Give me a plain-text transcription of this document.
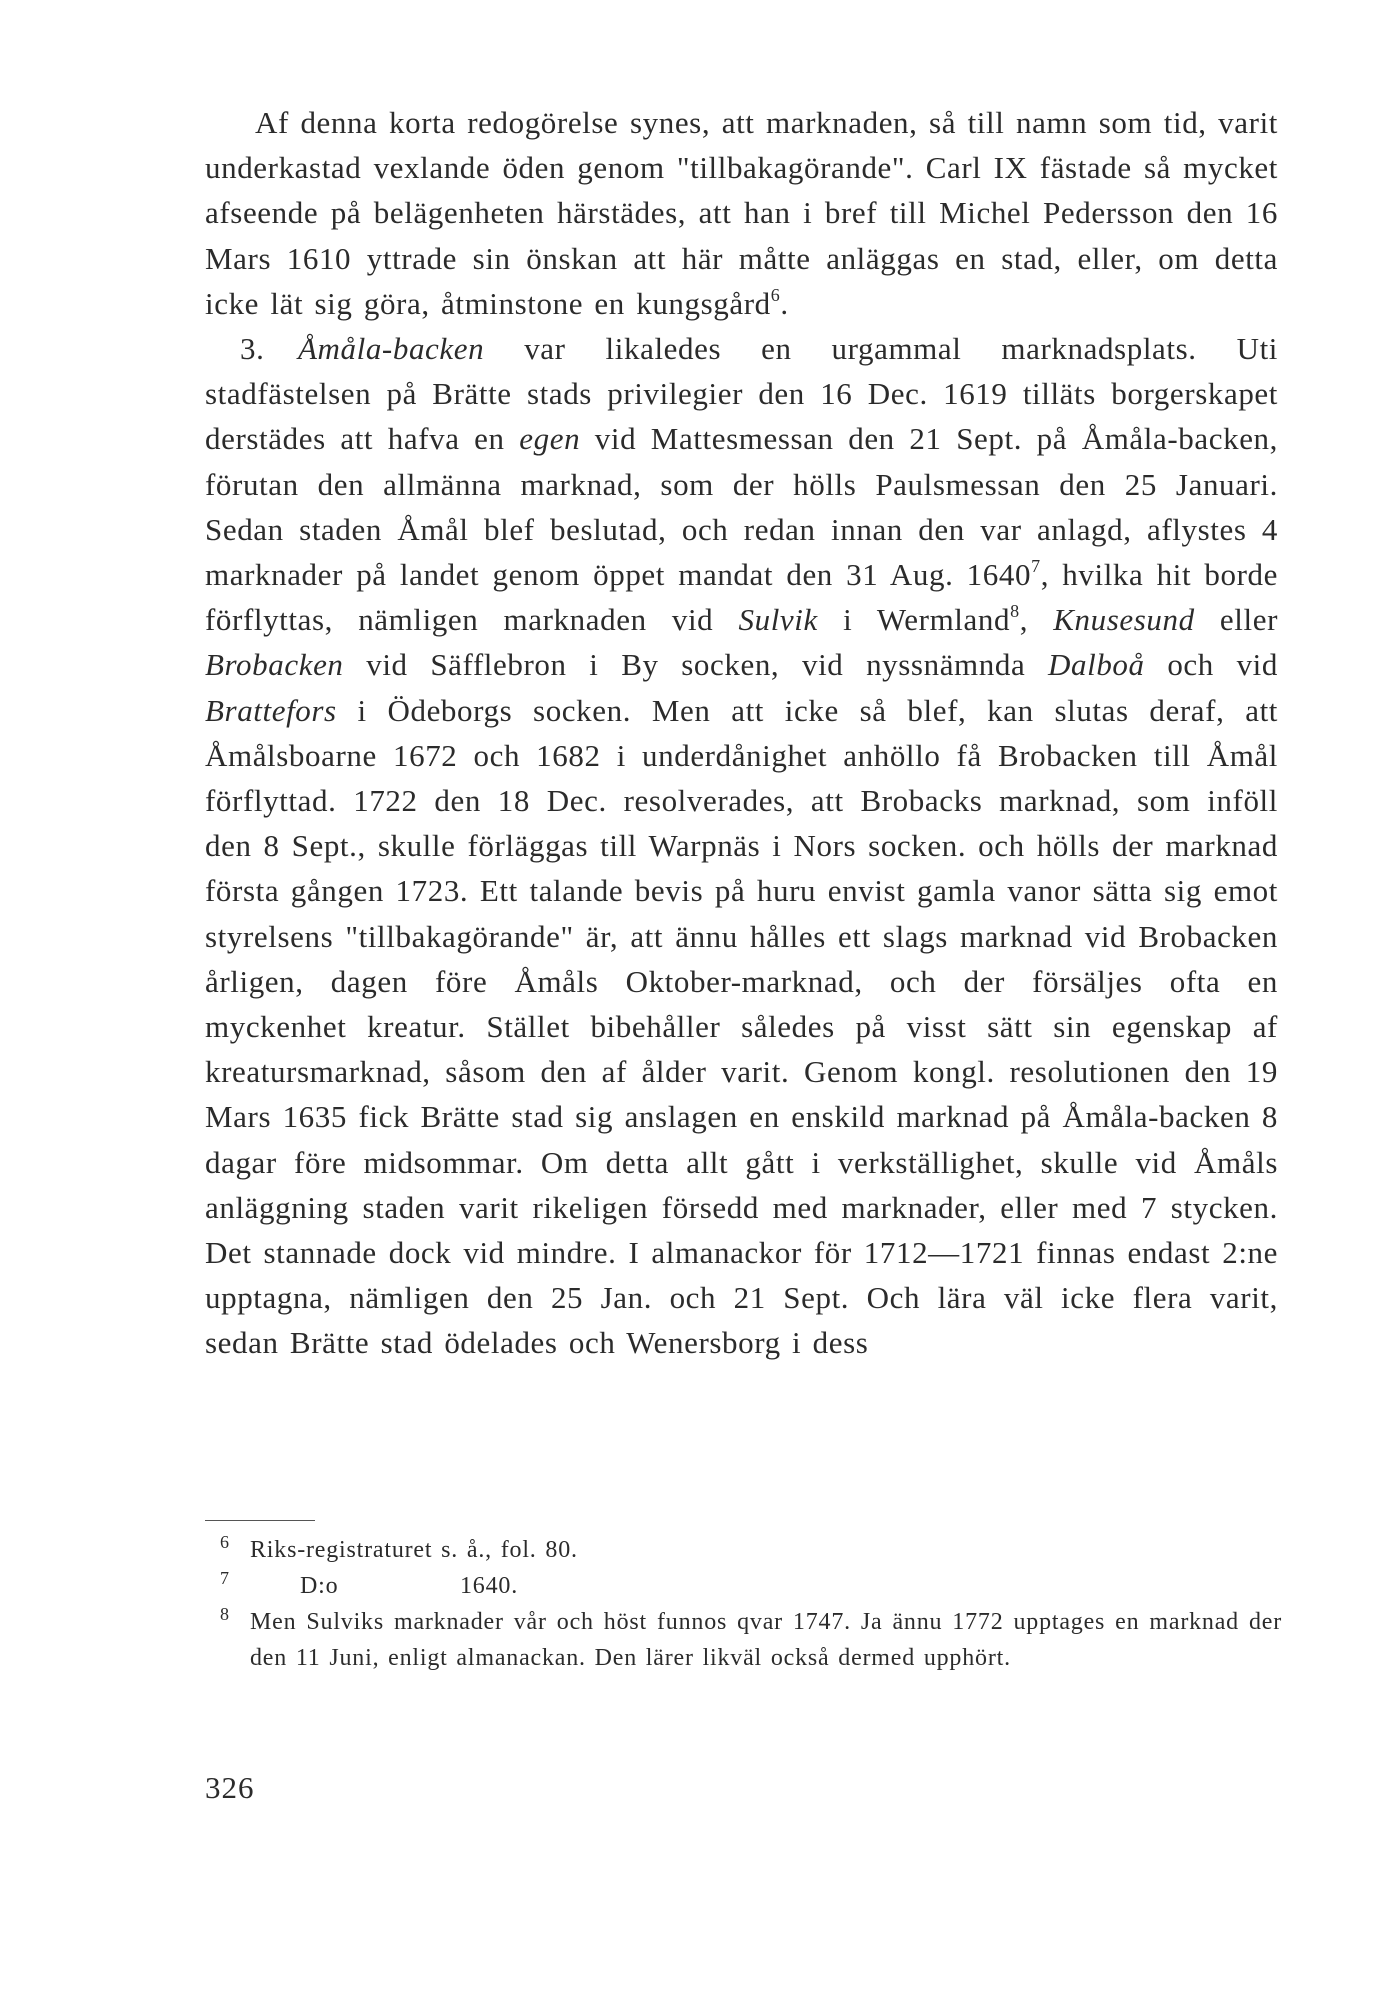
Af denna korta redogörelse synes, att marknaden, så till namn som tid, varit underkastad vexlande öden genom "tillbakagörande". Carl IX fästade så mycket afseende på belägenheten härstädes, att han i bref till Michel Pedersson den 16 Mars 1610 yttrade sin önskan att här måtte anläggas en stad, eller, om detta icke lät sig göra, åtminstone en kungsgård$^6$.

3. Åmåla-backen var likaledes en urgammal marknadsplats. Uti stadfästelsen på Brätte stads privilegier den 16 Dec. 1619 tilläts borgerskapet derstädes att hafva en egen vid Mattesmessan den 21 Sept. på Åmåla-backen, förutan den allmänna marknad, som der hölls Paulsmessan den 25 Januari. Sedan staden Åmål blef beslutad, och redan innan den var anlagd, aflystes 4 marknader på landet genom öppet mandat den 31 Aug. 1640$^7$, hvilka hit borde förflyttas, nämligen marknaden vid Sulvik i Wermland$^8$, Knusesund eller Brobacken vid Säfflebron i By socken, vid nyssnämnda Dalboå och vid Brattefors i Ödeborgs socken. Men att icke så blef, kan slutas deraf, att Åmålsboarne 1672 och 1682 i underdånighet anhöllo få Brobacken till Åmål förflyttad. 1722 den 18 Dec. resolverades, att Brobacks marknad, som inföll den 8 Sept., skulle förläggas till Warpnäs i Nors socken. och hölls der marknad första gången 1723. Ett talande bevis på huru envist gamla vanor sätta sig emot styrelsens "tillbakagörande" är, att ännu hålles ett slags marknad vid Brobacken årligen, dagen före Åmåls Oktober-marknad, och der försäljes ofta en myckenhet kreatur. Stället bibehåller således på visst sätt sin egenskap af kreatursmarknad, såsom den af ålder varit. Genom kongl. resolutionen den 19 Mars 1635 fick Brätte stad sig anslagen en enskild marknad på Åmåla-backen 8 dagar före midsommar. Om detta allt gått i verkställighet, skulle vid Åmåls anläggning staden varit rikeligen försedd med marknader, eller med 7 stycken. Det stannade dock vid mindre. I almanackor för 1712—1721 finnas endast 2:ne upptagna, nämligen den 25 Jan. och 21 Sept. Och lära väl icke flera varit, sedan Brätte stad ödelades och Wenersborg i dess

6 Riks-registraturet s. å., fol. 80.

7	D:o	1640.

8 Men Sulviks marknader vår och höst funnos qvar 1747. Ja ännu 1772 upptages en marknad der den 11 Juni, enligt almanackan. Den lärer likväl också dermed upphört.

326
